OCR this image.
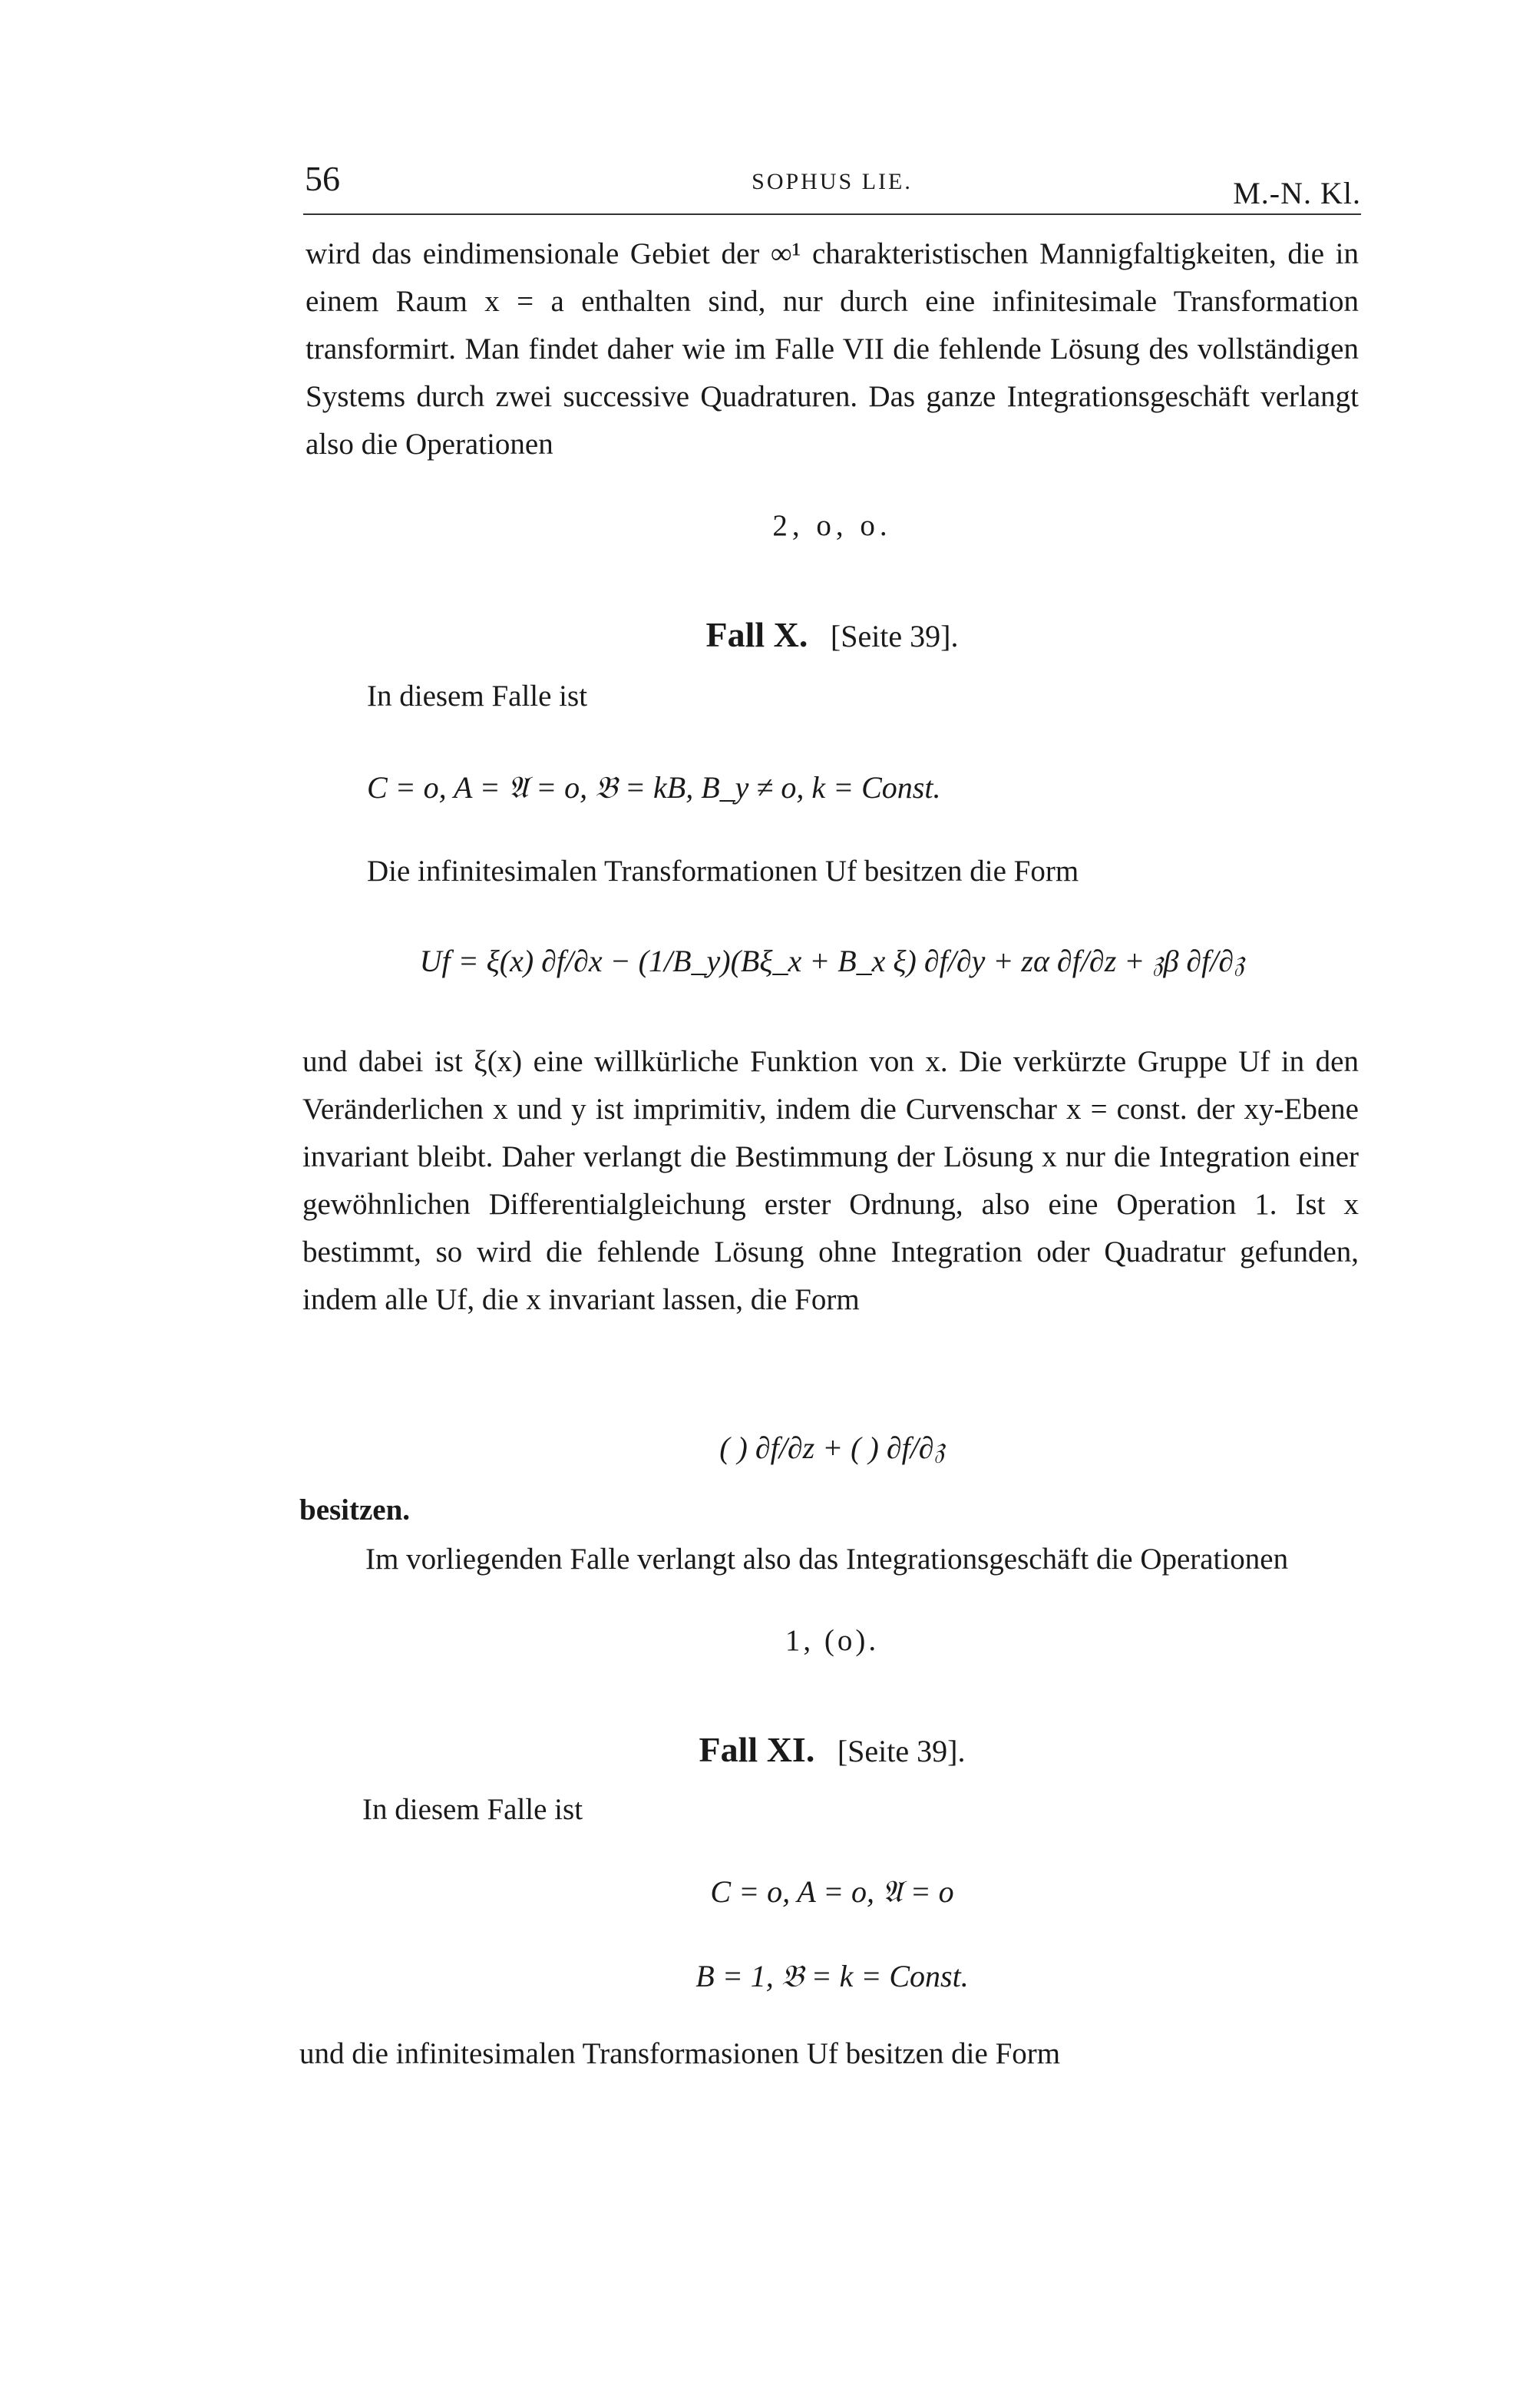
56	SOPHUS LIE.	M.-N. Kl.
wird das eindimensionale Gebiet der ∞¹ charakteristischen Mannigfaltigkeiten, die in einem Raum x = a enthalten sind, nur durch eine infinitesimale Transformation transformirt. Man findet daher wie im Falle VII die fehlende Lösung des vollständigen Systems durch zwei successive Quadraturen. Das ganze Integrationsgeschäft verlangt also die Operationen
2, o, o.
Fall X. [Seite 39].
In diesem Falle ist
C = o, A = 𝔄 = o, 𝔅 = kB, B_y ≠ o, k = Const.
Die infinitesimalen Transformationen Uf besitzen die Form
Uf = ξ(x) ∂f/∂x − (1/B_y)(Bξ_x + B_x ξ) ∂f/∂y + zα ∂f/∂z + 𝔷β ∂f/∂𝔷
und dabei ist ξ(x) eine willkürliche Funktion von x. Die verkürzte Gruppe Uf in den Veränderlichen x und y ist imprimitiv, indem die Curvenschar x = const. der xy-Ebene invariant bleibt. Daher verlangt die Bestimmung der Lösung x nur die Integration einer gewöhnlichen Differentialgleichung erster Ordnung, also eine Operation 1. Ist x bestimmt, so wird die fehlende Lösung ohne Integration oder Quadratur gefunden, indem alle Uf, die x invariant lassen, die Form
( ) ∂f/∂z + ( ) ∂f/∂𝔷
besitzen.
Im vorliegenden Falle verlangt also das Integrationsgeschäft die Operationen
1, (o).
Fall XI. [Seite 39].
In diesem Falle ist
C = o, A = o, 𝔄 = o
B = 1, 𝔅 = k = Const.
und die infinitesimalen Transformasionen Uf besitzen die Form
